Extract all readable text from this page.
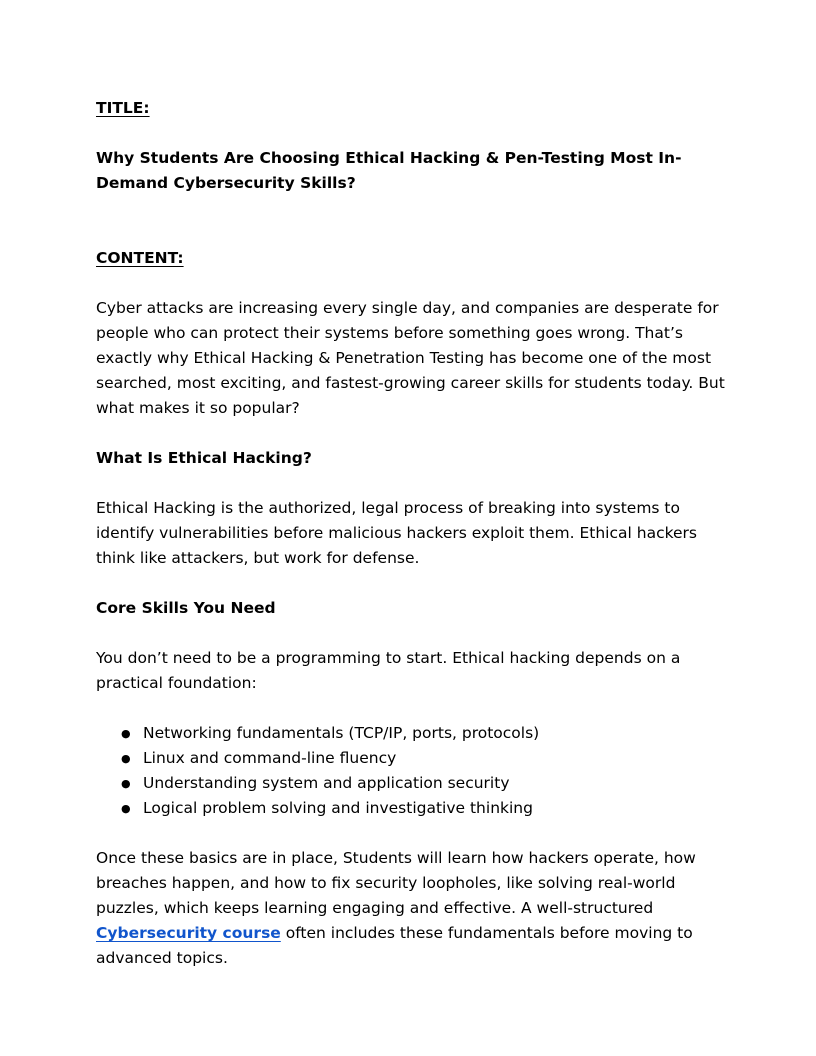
TITLE:

Why Students Are Choosing Ethical Hacking & Pen-Testing Most In-Demand Cybersecurity Skills?

CONTENT:

Cyber attacks are increasing every single day, and companies are desperate for people who can protect their systems before something goes wrong. That’s exactly why Ethical Hacking & Penetration Testing has become one of the most searched, most exciting, and fastest-growing career skills for students today. But what makes it so popular?

What Is Ethical Hacking?

Ethical Hacking is the authorized, legal process of breaking into systems to identify vulnerabilities before malicious hackers exploit them. Ethical hackers think like attackers, but work for defense.

Core Skills You Need

You don’t need to be a programming to start. Ethical hacking depends on a practical foundation:

● Networking fundamentals (TCP/IP, ports, protocols)
● Linux and command-line fluency
● Understanding system and application security
● Logical problem solving and investigative thinking

Once these basics are in place, Students will learn how hackers operate, how breaches happen, and how to fix security loopholes, like solving real-world puzzles, which keeps learning engaging and effective. A well-structured Cybersecurity course often includes these fundamentals before moving to advanced topics.
